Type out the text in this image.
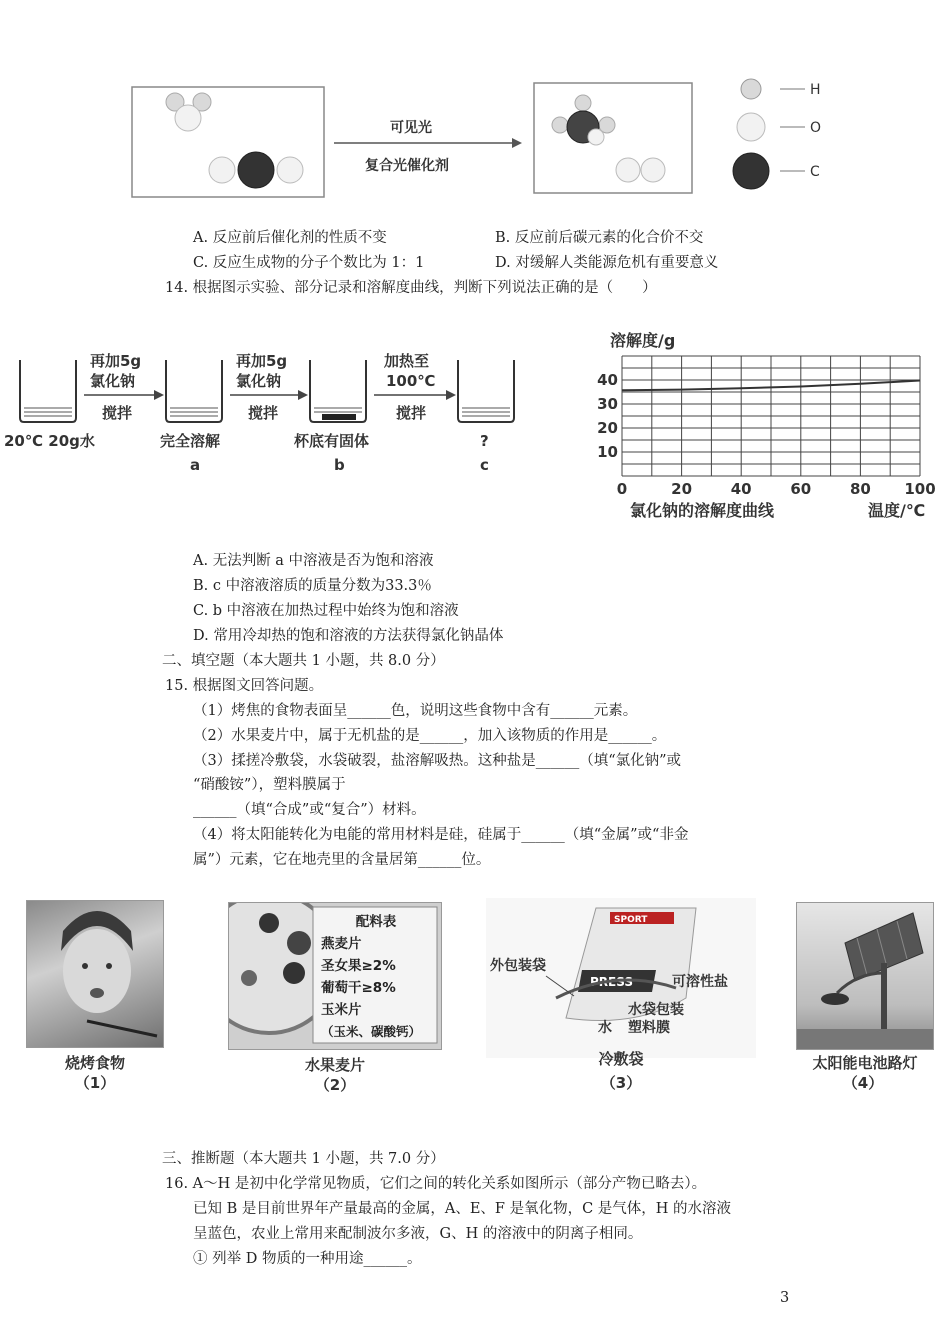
可见光
复合光催化剂
H
O
C
A. 反应前后催化剂的性质不变	B. 反应前后碳元素的化合价不交
C. 反应生成物的分子个数比为 1：1	D. 对缓解人类能源危机有重要意义
14. 根据图示实验、部分记录和溶解度曲线，判断下列说法正确的是（　　）
再加5g
氯化钠
搅拌
再加5g
氯化钠
搅拌
加热至
100℃
搅拌
20℃ 20g水	完全溶解
a
杯底有固体
b
?
c
溶解度/g
0	20	40	60	80 100
10
20
30
40
氯化钠的溶解度曲线	温度/℃
A. 无法判断 a 中溶液是否为饱和溶液
B. c 中溶液溶质的质量分数为33.3％
C. b 中溶液在加热过程中始终为饱和溶液
D. 常用冷却热的饱和溶液的方法获得氯化钠晶体
二、填空题（本大题共 1 小题，共 8.0 分）
15. 根据图文回答问题。
（1）烤焦的食物表面呈______色，说明这些食物中含有______元素。
（2）水果麦片中，属于无机盐的是______，加入该物质的作用是______。
（3）揉搓冷敷袋，水袋破裂，盐溶解吸热。这种盐是______（填“氯化钠”或
“硝酸铵”），塑料膜属于
______（填“合成”或“复合”）材料。
（4）将太阳能转化为电能的常用材料是硅，硅属于______（填“金属”或“非金
属”）元素，它在地壳里的含量居第______位。
烧烤食物
（1）
配料表
燕麦片
圣女果≥2%
葡萄干≥8%
玉米片
（玉米、碳酸钙）
水果麦片
（2）
SPORT
PRESS
外包装袋
可溶性盐
水袋包装
塑料膜
水
冷敷袋
（3）
太阳能电池路灯
（4）
三、推断题（本大题共 1 小题，共 7.0 分）
16. A～H 是初中化学常见物质，它们之间的转化关系如图所示（部分产物已略去）。
已知 B 是目前世界年产量最高的金属，A、E、F 是氧化物，C 是气体，H 的水溶液
呈蓝色，农业上常用来配制波尔多液，G、H 的溶液中的阴离子相同。
① 列举 D 物质的一种用途______。
3
